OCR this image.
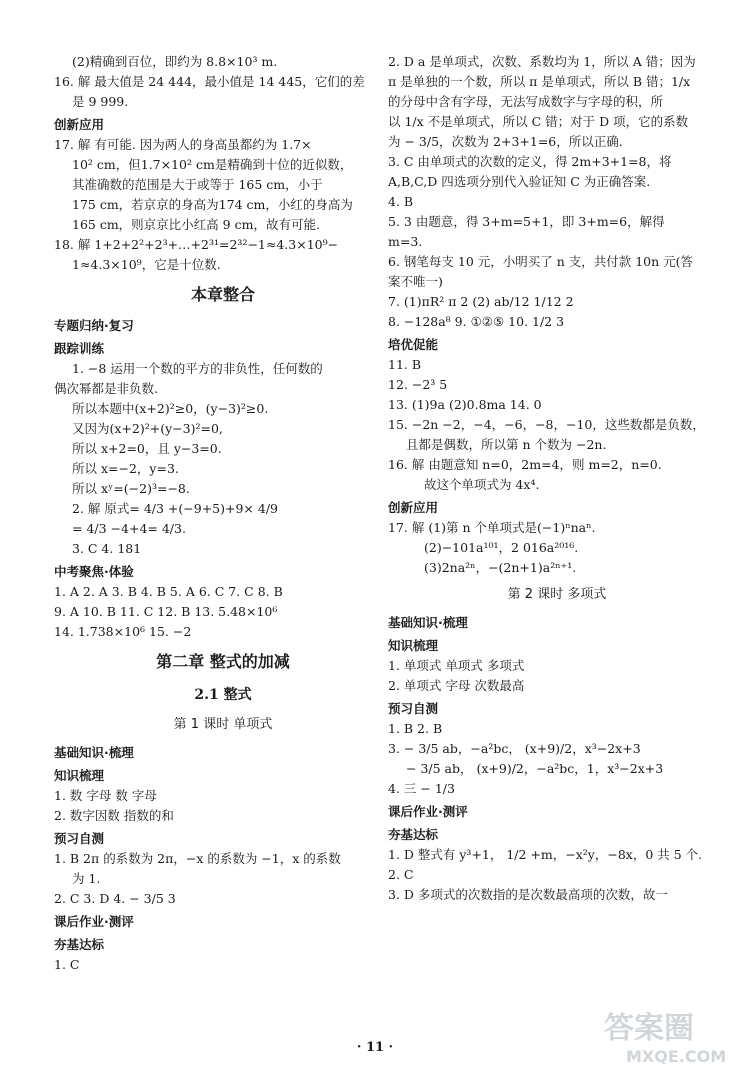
(2)精确到百位，即约为 8.8×10³ m.
16. 解 最大值是 24 444，最小值是 14 445，它们的差
是 9 999.
创新应用
17. 解 有可能. 因为两人的身高虽都约为 1.7×
10² cm，但1.7×10² cm是精确到十位的近似数，
其准确数的范围是大于或等于 165 cm，小于
175 cm，若京京的身高为174 cm，小红的身高为
165 cm，则京京比小红高 9 cm，故有可能.
18. 解 1+2+2²+2³+…+2³¹=2³²−1≈4.3×10⁹−
1≈4.3×10⁹，它是十位数.
本章整合
专题归纳·复习
跟踪训练
1. −8 运用一个数的平方的非负性，任何数的
偶次幂都是非负数.
所以本题中(x+2)²≥0，(y−3)²≥0.
又因为(x+2)²+(y−3)²=0,
所以 x+2=0，且 y−3=0.
所以 x=−2，y=3.
所以 xʸ=(−2)³=−8.
2. 解 原式= 4/3 +(−9+5)+9× 4/9
= 4/3 −4+4= 4/3.
3. C 4. 181
中考聚焦·体验
1. A 2. A 3. B 4. B 5. A 6. C 7. C 8. B
9. A 10. B 11. C 12. B 13. 5.48×10⁶
14. 1.738×10⁶ 15. −2
第二章 整式的加减
2.1 整式
第 1 课时 单项式
基础知识·梳理
知识梳理
1. 数 字母 数 字母
2. 数字因数 指数的和
预习自测
1. B 2π 的系数为 2π，−x 的系数为 −1，x 的系数
为 1.
2. C 3. D 4. − 3/5 3
课后作业·测评
夯基达标
1. C
2. D a 是单项式，次数、系数均为 1，所以 A 错；因为
π 是单独的一个数，所以 π 是单项式，所以 B 错；1/x
的分母中含有字母，无法写成数字与字母的积，所
以 1/x 不是单项式，所以 C 错；对于 D 项，它的系数
为 − 3/5，次数为 2+3+1=6，所以正确.
3. C 由单项式的次数的定义，得 2m+3+1=8，将
A,B,C,D 四选项分别代入验证知 C 为正确答案.
4. B
5. 3 由题意，得 3+m=5+1，即 3+m=6，解得
m=3.
6. 钢笔每支 10 元，小明买了 n 支，共付款 10n 元(答
案不唯一)
7. (1)πR² π 2 (2) ab/12 1/12 2
8. −128a⁸ 9. ①②⑤ 10. 1/2 3
培优促能
11. B
12. −2³ 5
13. (1)9a (2)0.8ma 14. 0
15. −2n −2，−4，−6，−8，−10，这些数都是负数，
且都是偶数，所以第 n 个数为 −2n.
16. 解 由题意知 n=0，2m=4，则 m=2，n=0.
故这个单项式为 4x⁴.
创新应用
17. 解 (1)第 n 个单项式是(−1)ⁿnaⁿ.
(2)−101a¹⁰¹，2 016a²⁰¹⁶.
(3)2na²ⁿ，−(2n+1)a²ⁿ⁺¹.
第 2 课时 多项式
基础知识·梳理
知识梳理
1. 单项式 单项式 多项式
2. 单项式 字母 次数最高
预习自测
1. B 2. B
3. − 3/5 ab，−a²bc， (x+9)/2，x³−2x+3
− 3/5 ab， (x+9)/2，−a²bc，1，x³−2x+3
4. 三 − 1/3
课后作业·测评
夯基达标
1. D 整式有 y³+1， 1/2 +m，−x²y，−8x，0 共 5 个.
2. C
3. D 多项式的次数指的是次数最高项的次数，故一
· 11 ·
答案圈
MXQE.COM
